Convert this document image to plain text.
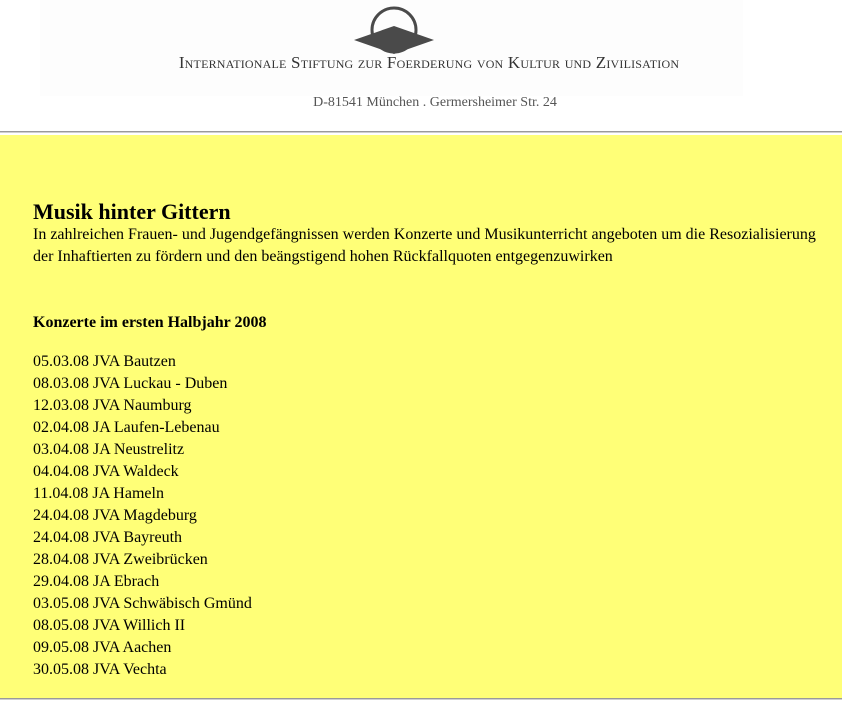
Internationale Stiftung zur Foerderung von Kultur und Zivilisation
D-81541 München . Germersheimer Str. 24
Musik hinter Gittern

In zahlreichen Frauen- und Jugendgefängnissen werden Konzerte und Musikunterricht angeboten um die Resozialisierung der Inhaftierten zu fördern und den beängstigend hohen Rückfallquoten entgegenzuwirken

Konzerte im ersten Halbjahr 2008
05.03.08 JVA Bautzen
08.03.08 JVA Luckau - Duben
12.03.08 JVA Naumburg
02.04.08 JA Laufen-Lebenau
03.04.08 JA Neustrelitz
04.04.08 JVA Waldeck
11.04.08 JA Hameln
24.04.08 JVA Magdeburg
24.04.08 JVA Bayreuth
28.04.08 JVA Zweibrücken
29.04.08 JA Ebrach
03.05.08 JVA Schwäbisch Gmünd
08.05.08 JVA Willich II
09.05.08 JVA Aachen
30.05.08 JVA Vechta
